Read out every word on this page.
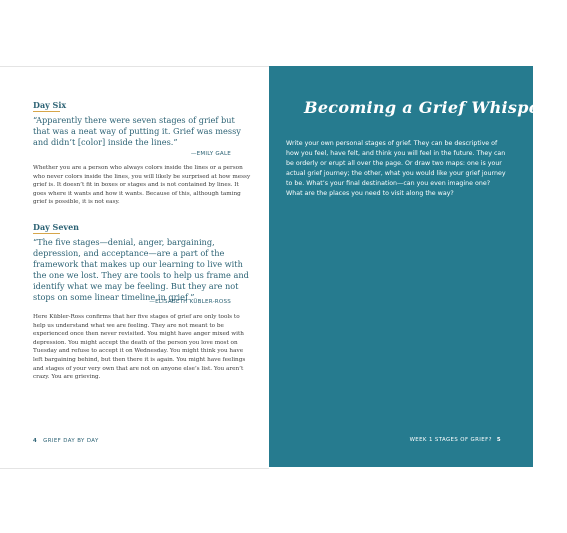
Day Six

“Apparently there were seven stages of grief but that was a neat way of putting it. Grief was messy and didn’t [color] inside the lines.”

—EMILY GALE

Whether you are a person who always colors inside the lines or a person who never colors inside the lines, you will likely be surprised at how messy grief is. It doesn’t fit in boxes or stages and is not contained by lines. It goes where it wants and how it wants. Because of this, although taming grief is possible, it is not easy.

Day Seven

“The five stages—denial, anger, bargaining, depression, and acceptance—are a part of the framework that makes up our learning to live with the one we lost. They are tools to help us frame and identify what we may be feeling. But they are not stops on some linear timeline in grief.”

—ELISABETH KÜBLER-ROSS

Here Kübler-Ross confirms that her five stages of grief are only tools to help us understand what we are feeling. They are not meant to be experienced once then never revisited. You might have anger mixed with depression. You might accept the death of the person you love most on Tuesday and refuse to accept it on Wednesday. You might think you have left bargaining behind, but then there it is again. You might have feelings and stages of your very own that are not on anyone else’s list. You aren’t crazy. You are grieving.

4 GRIEF DAY BY DAY

Becoming a Grief Whisperer

Write your own personal stages of grief. They can be descriptive of how you feel, have felt, and think you will feel in the future. They can be orderly or erupt all over the page. Or draw two maps: one is your actual grief journey; the other, what you would like your grief journey to be. What’s your final destination—can you even imagine one? What are the places you need to visit along the way?

WEEK 1 STAGES OF GRIEF? 5
